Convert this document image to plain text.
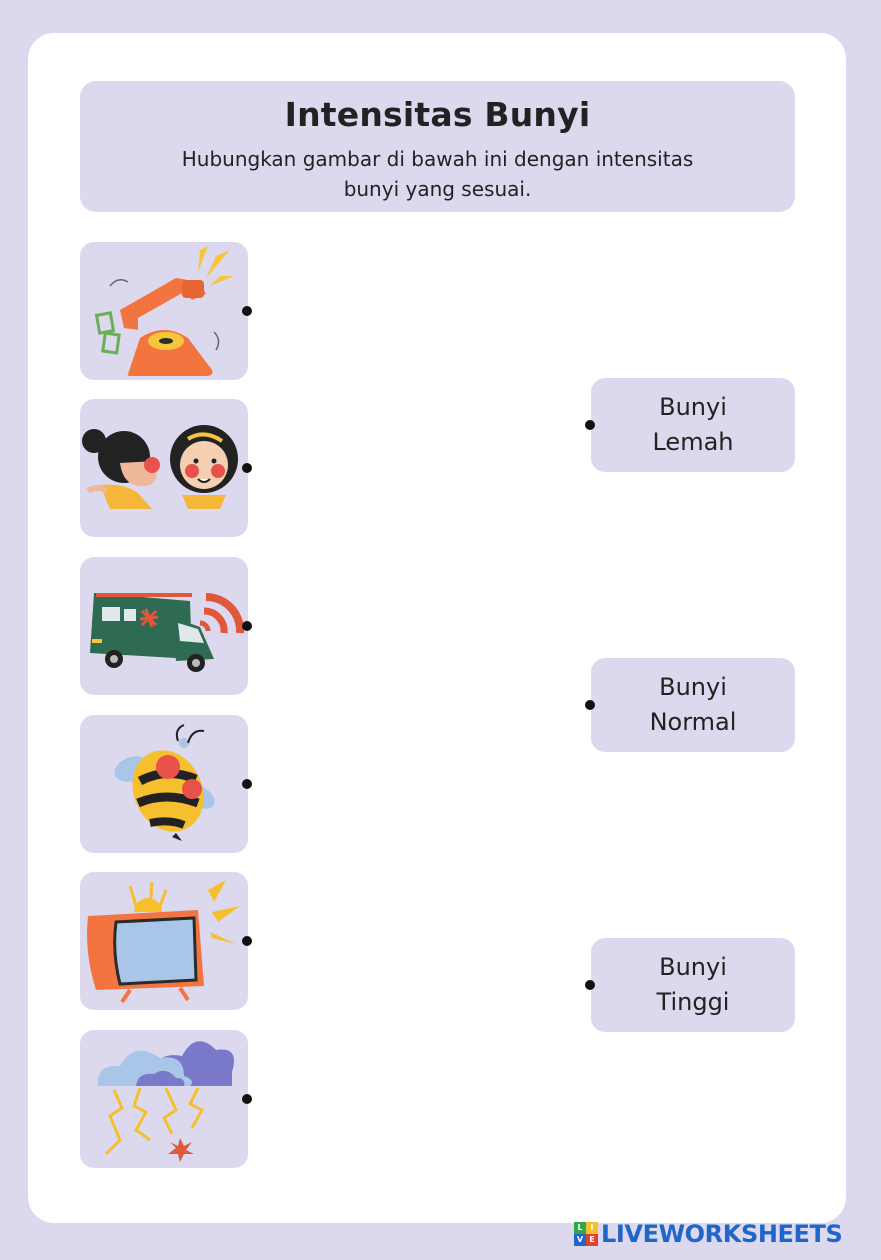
Intensitas Bunyi
Hubungkan gambar di bawah ini dengan intensitas bunyi yang sesuai.
Bunyi Lemah
Bunyi Normal
Bunyi Tinggi
L I
V E LIVEWORKSHEETS
